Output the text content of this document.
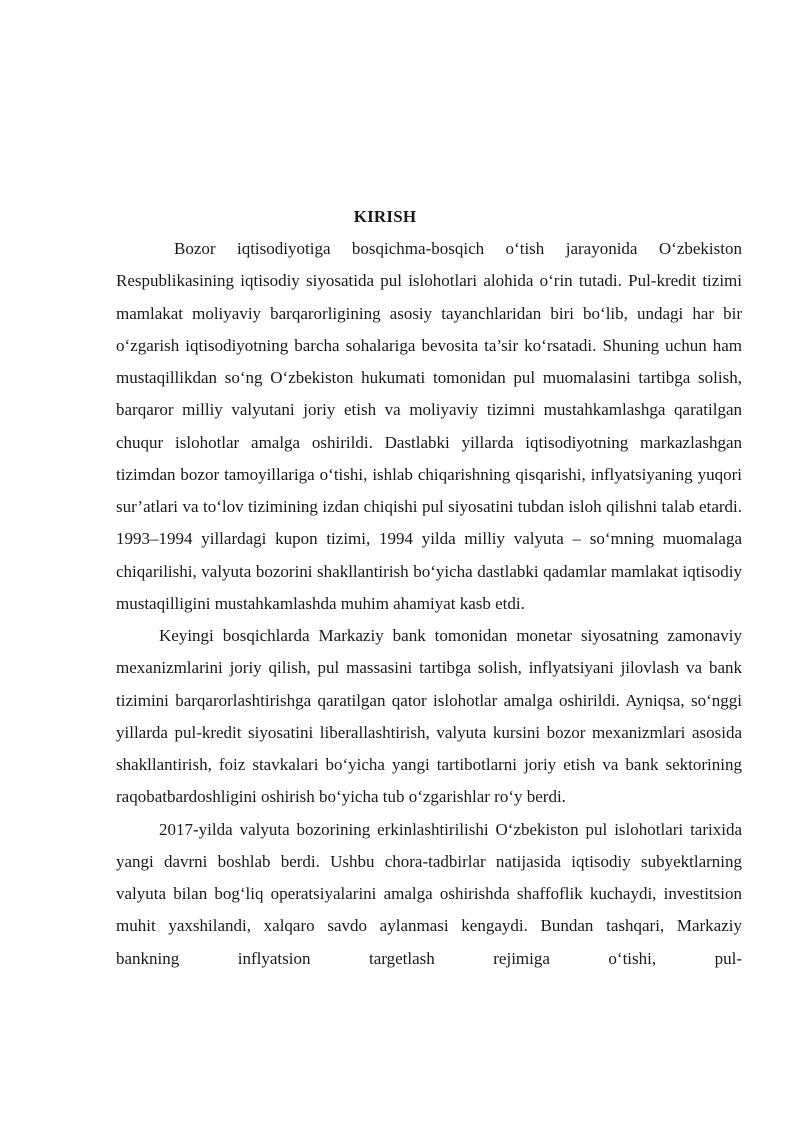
KIRISH

Bozor iqtisodiyotiga bosqichma-bosqich o‘tish jarayonida O‘zbekiston Respublikasining iqtisodiy siyosatida pul islohotlari alohida o‘rin tutadi. Pul-kredit tizimi mamlakat moliyaviy barqarorligining asosiy tayanchlaridan biri bo‘lib, undagi har bir o‘zgarish iqtisodiyotning barcha sohalariga bevosita ta’sir ko‘rsatadi. Shuning uchun ham mustaqillikdan so‘ng O‘zbekiston hukumati tomonidan pul muomalasini tartibga solish, barqaror milliy valyutani joriy etish va moliyaviy tizimni mustahkamlashga qaratilgan chuqur islohotlar amalga oshirildi. Dastlabki yillarda iqtisodiyotning markazlashgan tizimdan bozor tamoyillariga o‘tishi, ishlab chiqarishning qisqarishi, inflyatsiyaning yuqori sur’atlari va to‘lov tizimining izdan chiqishi pul siyosatini tubdan isloh qilishni talab etardi. 1993–1994 yillardagi kupon tizimi, 1994 yilda milliy valyuta – so‘mning muomalaga chiqarilishi, valyuta bozorini shakllantirish bo‘yicha dastlabki qadamlar mamlakat iqtisodiy mustaqilligini mustahkamlashda muhim ahamiyat kasb etdi.

Keyingi bosqichlarda Markaziy bank tomonidan monetar siyosatning zamonaviy mexanizmlarini joriy qilish, pul massasini tartibga solish, inflyatsiyani jilovlash va bank tizimini barqarorlashtirishga qaratilgan qator islohotlar amalga oshirildi. Ayniqsa, so‘nggi yillarda pul-kredit siyosatini liberallashtirish, valyuta kursini bozor mexanizmlari asosida shakllantirish, foiz stavkalari bo‘yicha yangi tartibotlarni joriy etish va bank sektorining raqobatbardoshligini oshirish bo‘yicha tub o‘zgarishlar ro‘y berdi.

2017-yilda valyuta bozorining erkinlashtirilishi O‘zbekiston pul islohotlari tarixida yangi davrni boshlab berdi. Ushbu chora-tadbirlar natijasida iqtisodiy subyektlarning valyuta bilan bog‘liq operatsiyalarini amalga oshirishda shaffoflik kuchaydi, investitsion muhit yaxshilandi, xalqaro savdo aylanmasi kengaydi. Bundan tashqari, Markaziy bankning inflyatsion targetlash rejimiga o‘tishi, pul-
